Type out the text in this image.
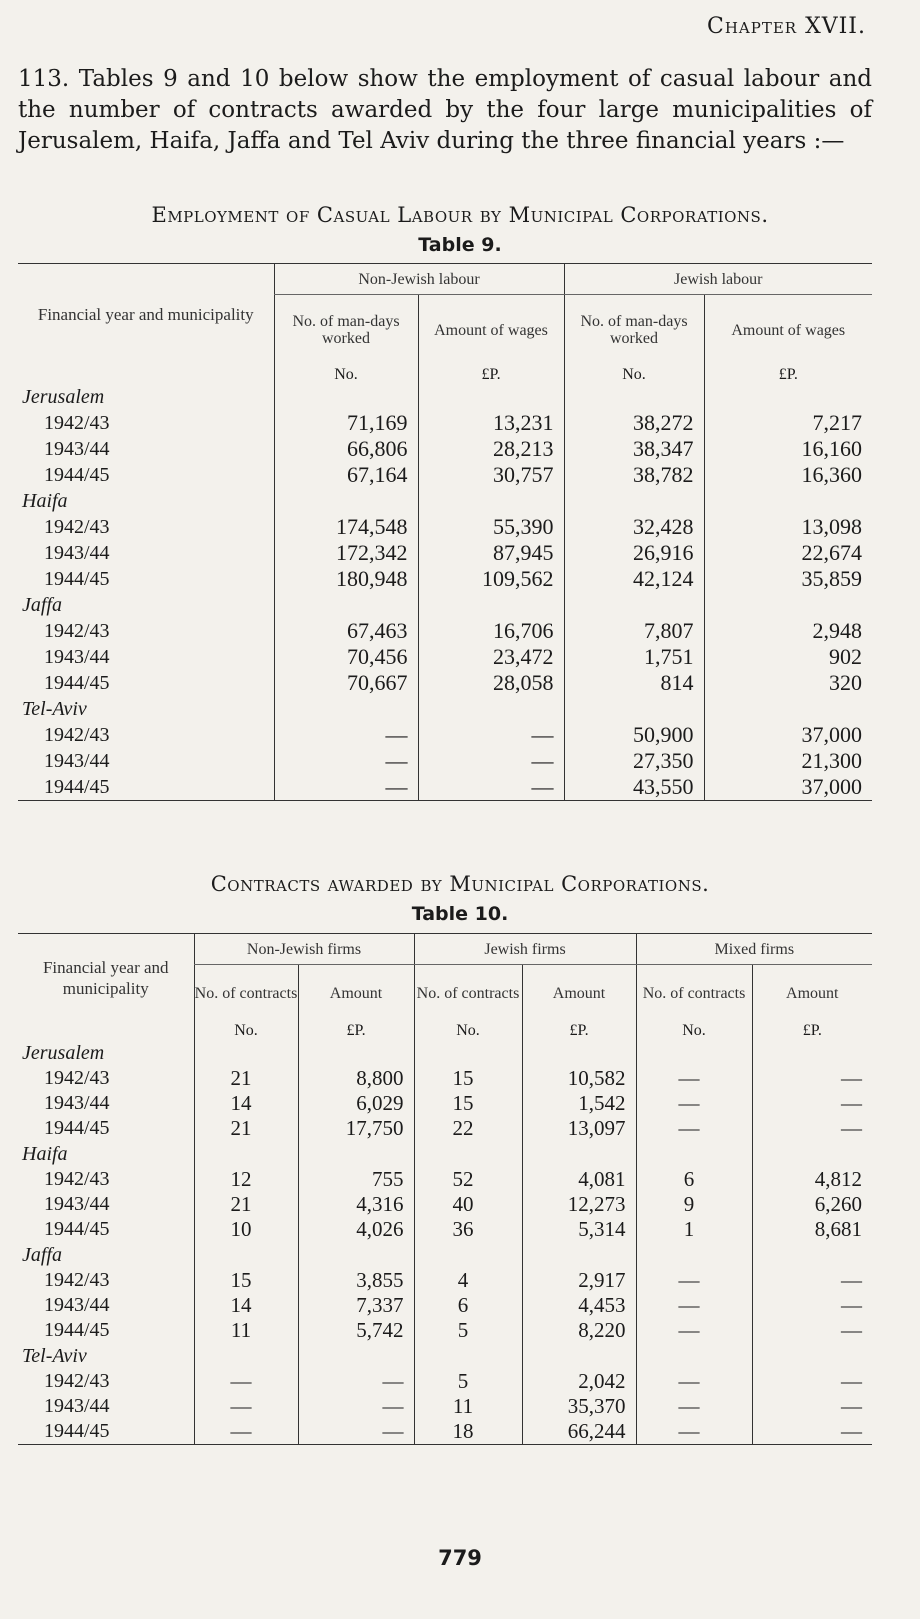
Chapter XVII.

113. Tables 9 and 10 below show the employment of casual labour and the number of contracts awarded by the four large municipalities of Jerusalem, Haifa, Jaffa and Tel Aviv during the three financial years :—

Employment of Casual Labour by Municipal Corporations.
Table 9.
Financial year and municipality	Non-Jewish labour		Jewish labour	
	No. of man-days worked	Amount of wages	No. of man-days worked	Amount of wages
	No.	£P.	No.	£P.
Jerusalem				
1942/43	71,169	13,231	38,272	7,217
1943/44	66,806	28,213	38,347	16,160
1944/45	67,164	30,757	38,782	16,360
Haifa				
1942/43	174,548	55,390	32,428	13,098
1943/44	172,342	87,945	26,916	22,674
1944/45	180,948	109,562	42,124	35,859
Jaffa				
1942/43	67,463	16,706	7,807	2,948
1943/44	70,456	23,472	1,751	902
1944/45	70,667	28,058	814	320
Tel-Aviv				
1942/43	—	—	50,900	37,000
1943/44	—	—	27,350	21,300
1944/45	—	—	43,550	37,000
Contracts awarded by Municipal Corporations.
Table 10.
Financial year and municipality	Non-Jewish firms		Jewish firms		Mixed firms	
	No. of contracts	Amount	No. of contracts	Amount	No. of contracts	Amount
	No.	£P.	No.	£P.	No.	£P.
Jerusalem						
1942/43	21	8,800	15	10,582	—	—
1943/44	14	6,029	15	1,542	—	—
1944/45	21	17,750	22	13,097	—	—
Haifa						
1942/43	12	755	52	4,081	6	4,812
1943/44	21	4,316	40	12,273	9	6,260
1944/45	10	4,026	36	5,314	1	8,681
Jaffa						
1942/43	15	3,855	4	2,917	—	—
1943/44	14	7,337	6	4,453	—	—
1944/45	11	5,742	5	8,220	—	—
Tel-Aviv						
1942/43	—	—	5	2,042	—	—
1943/44	—	—	11	35,370	—	—
1944/45	—	—	18	66,244	—	—
779
